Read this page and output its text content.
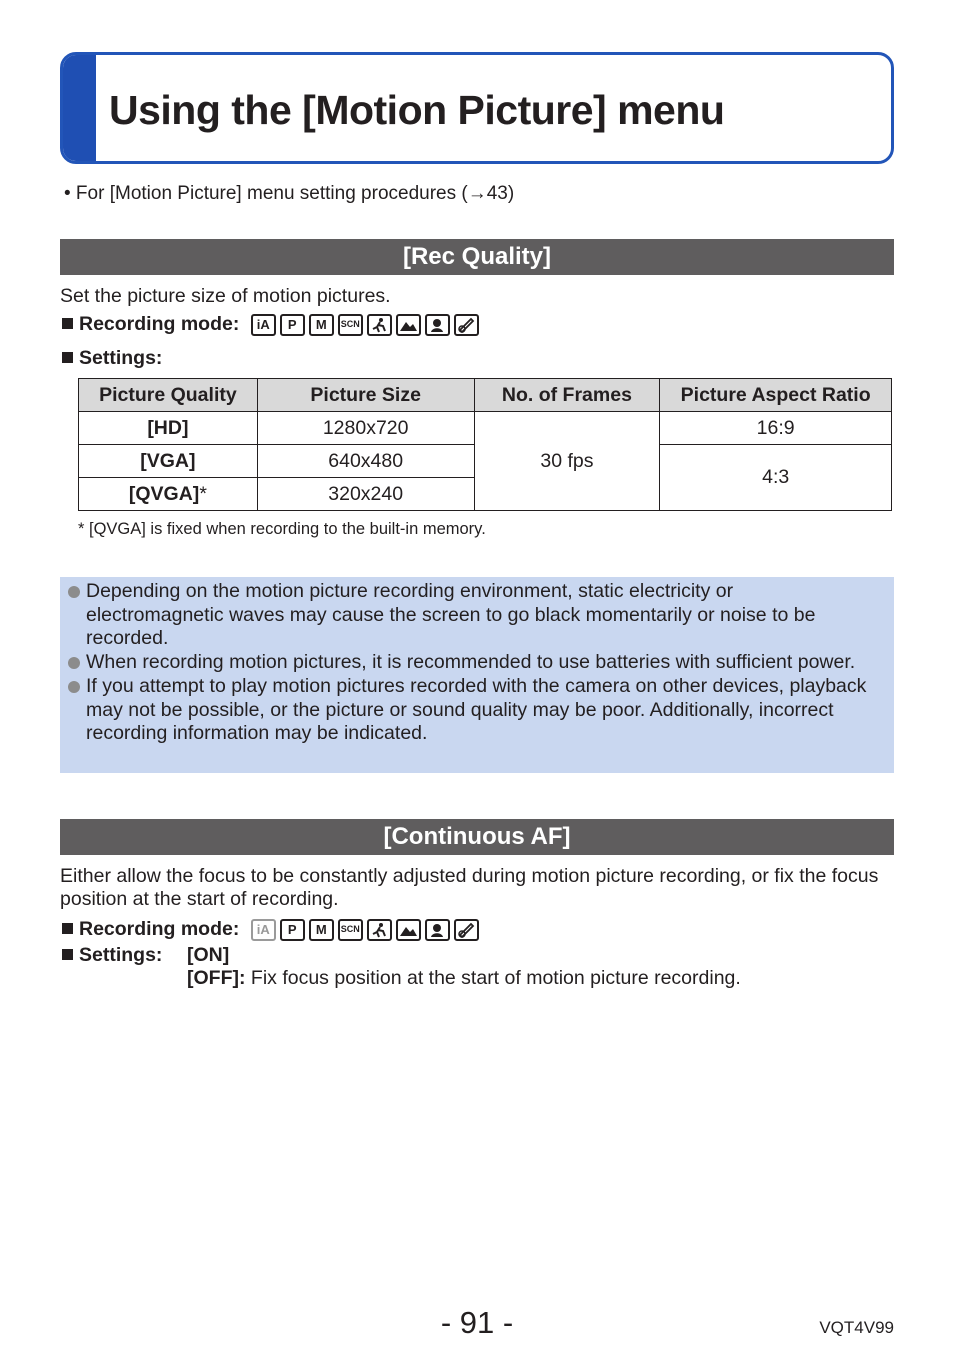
Using the [Motion Picture] menu
• For [Motion Picture] menu setting procedures (→43)
[Rec Quality]
Set the picture size of motion pictures.
Recording mode:	iA	P	M	SCN
Settings:
Picture Quality	Picture Size	No. of Frames	Picture Aspect Ratio
[HD]	1280x720	30 fps	16:9
[VGA]	640x480		4:3
[QVGA]*	320x240		
* [QVGA] is fixed when recording to the built-in memory.
Depending on the motion picture recording environment, static electricity or electromagnetic waves may cause the screen to go black momentarily or noise to be recorded.
When recording motion pictures, it is recommended to use batteries with sufficient power.
If you attempt to play motion pictures recorded with the camera on other devices, playback may not be possible, or the picture or sound quality may be poor. Additionally, incorrect recording information may be indicated.
[Continuous AF]
Either allow the focus to be constantly adjusted during motion picture recording, or fix the focus position at the start of recording.
Recording mode:	iA	P	M	SCN
Settings:	[ON]
[OFF]: Fix focus position at the start of motion picture recording.
- 91 -	VQT4V99
